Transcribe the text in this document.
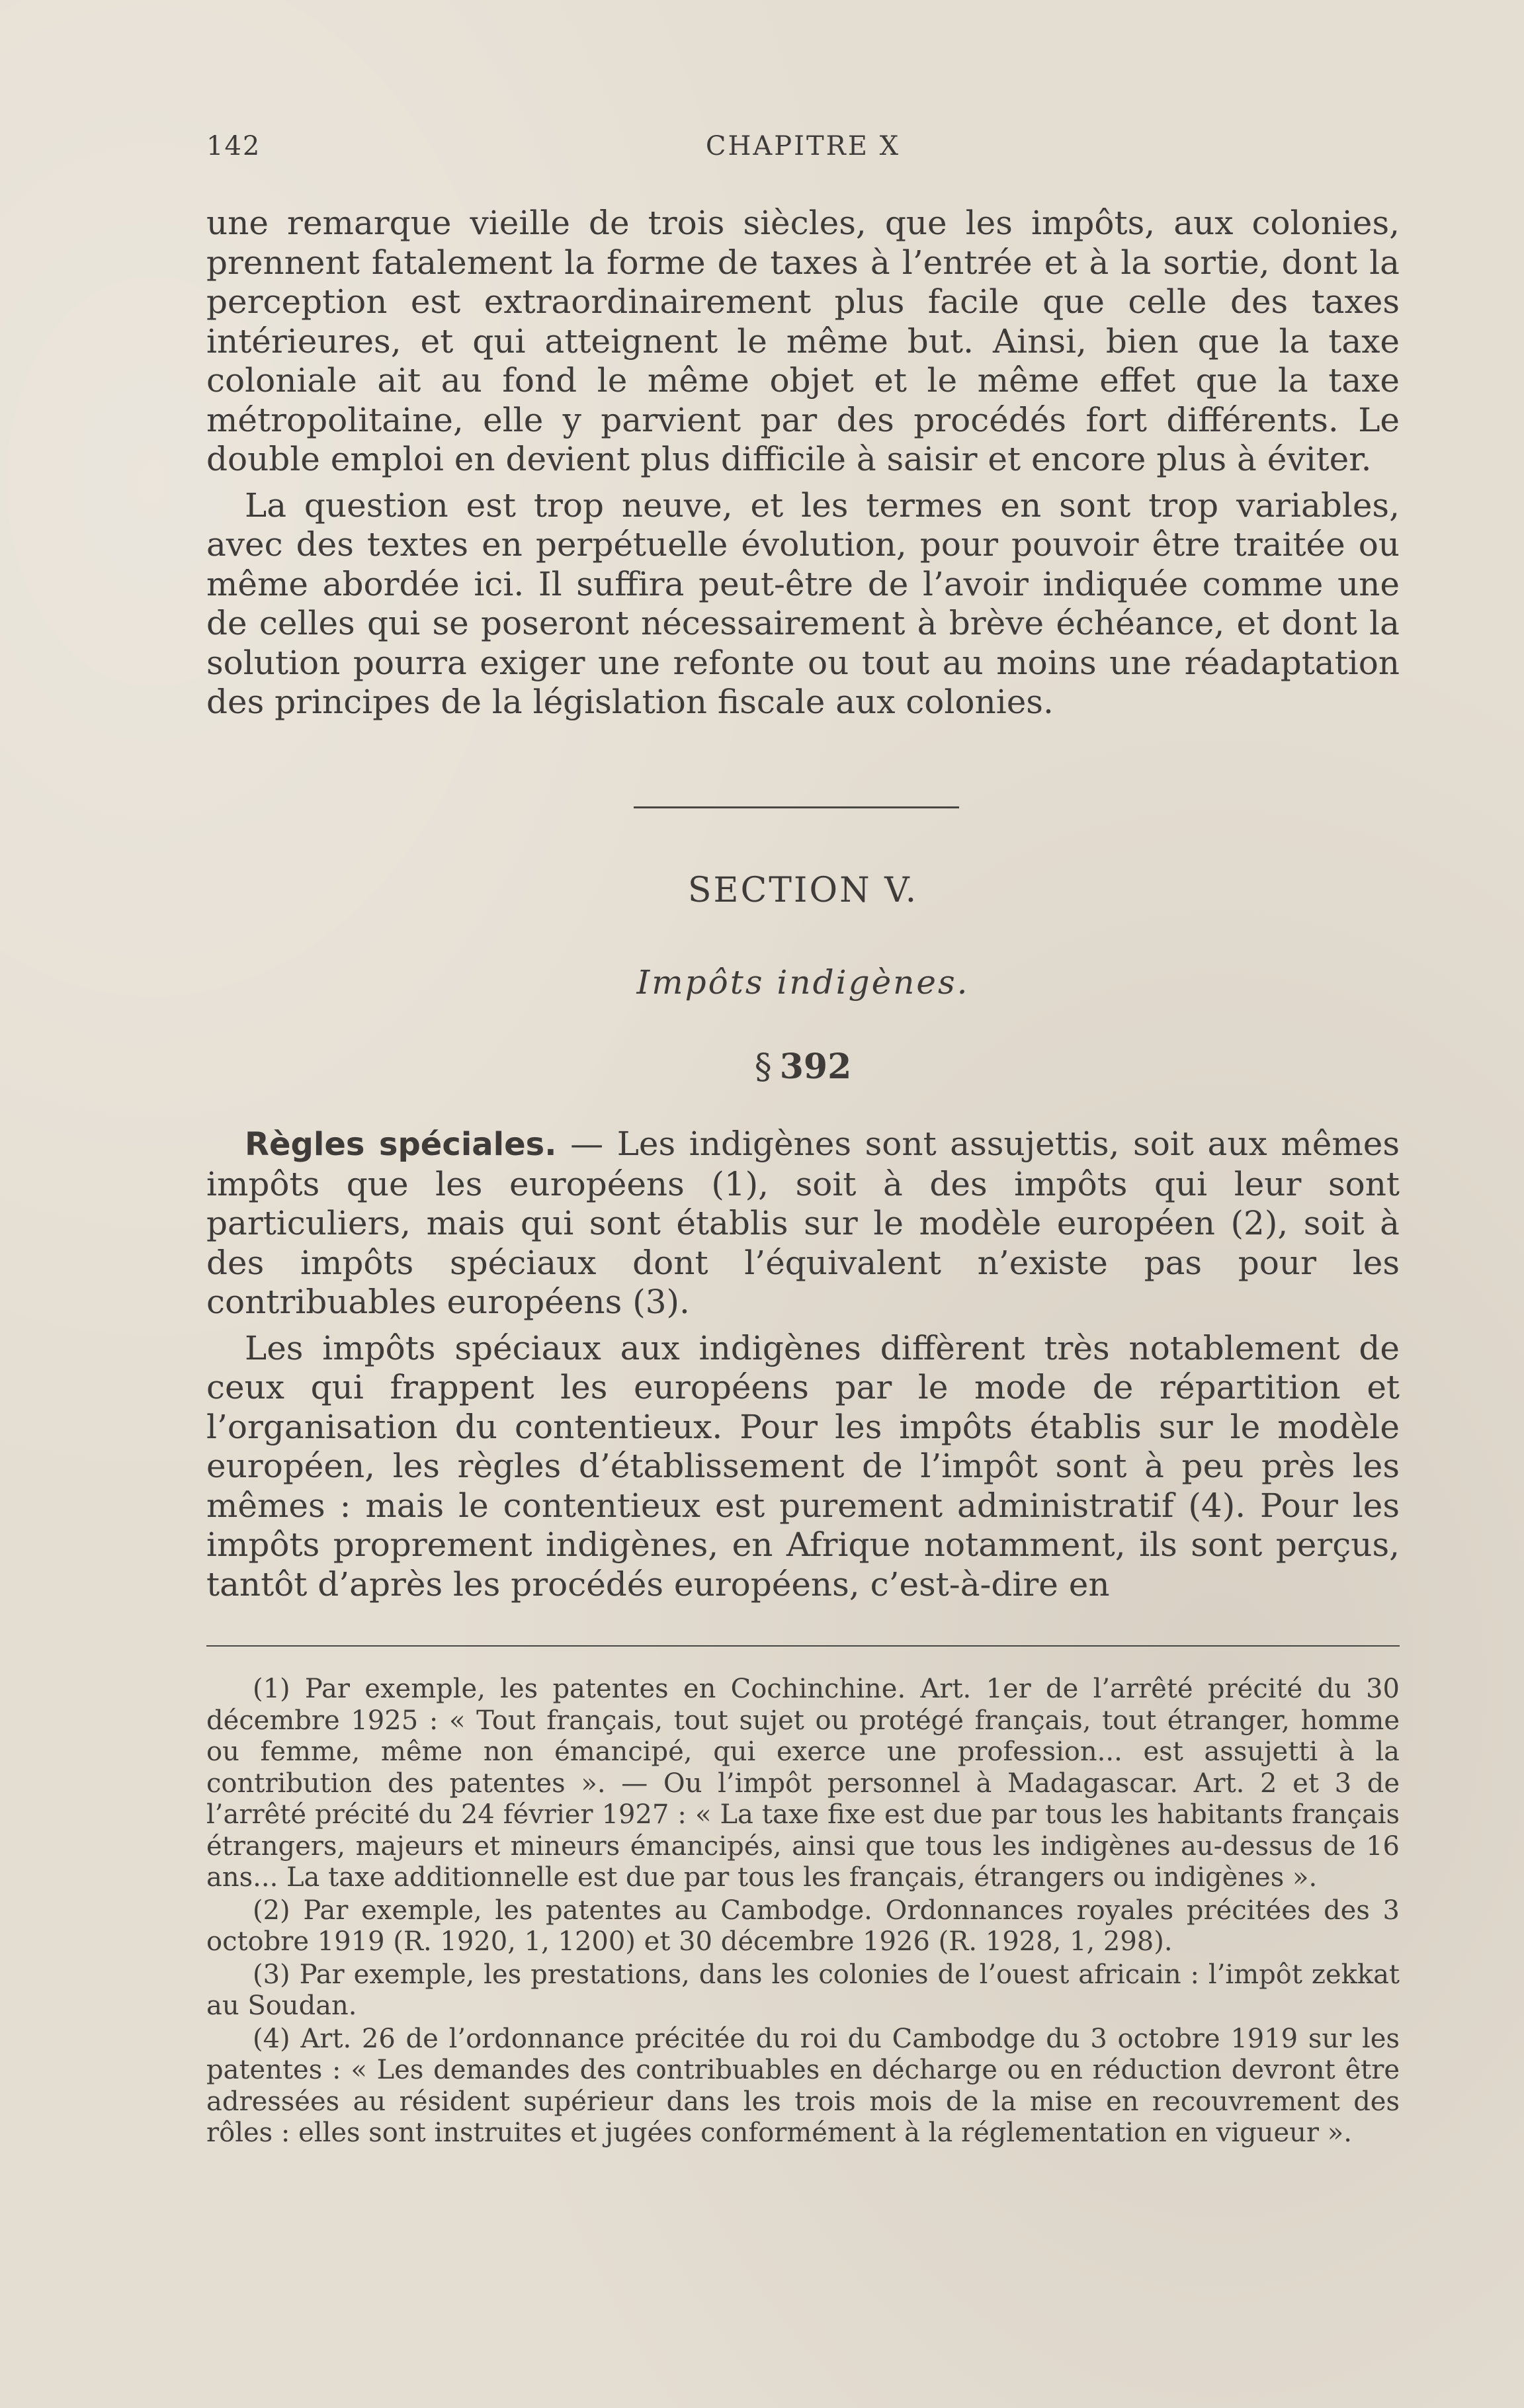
142	CHAPITRE X

une remarque vieille de trois siècles, que les impôts, aux colonies, prennent fatalement la forme de taxes à l’entrée et à la sortie, dont la perception est extraordinairement plus facile que celle des taxes intérieures, et qui atteignent le même but. Ainsi, bien que la taxe coloniale ait au fond le même objet et le même effet que la taxe métropolitaine, elle y parvient par des procédés fort différents. Le double emploi en devient plus difficile à saisir et encore plus à éviter.

La question est trop neuve, et les termes en sont trop variables, avec des textes en perpétuelle évolution, pour pouvoir être traitée ou même abordée ici. Il suffira peut-être de l’avoir indiquée comme une de celles qui se poseront nécessairement à brève échéance, et dont la solution pourra exiger une refonte ou tout au moins une réadaptation des principes de la législation fiscale aux colonies.

SECTION V.
Impôts indigènes.
§ 392

Règles spéciales. — Les indigènes sont assujettis, soit aux mêmes impôts que les européens (1), soit à des impôts qui leur sont particuliers, mais qui sont établis sur le modèle européen (2), soit à des impôts spéciaux dont l’équivalent n’existe pas pour les contribuables européens (3).

Les impôts spéciaux aux indigènes diffèrent très notablement de ceux qui frappent les européens par le mode de répartition et l’organisation du contentieux. Pour les impôts établis sur le modèle européen, les règles d’établissement de l’impôt sont à peu près les mêmes : mais le contentieux est purement administratif (4). Pour les impôts proprement indigènes, en Afrique notamment, ils sont perçus, tantôt d’après les procédés européens, c’est-à-dire en

(1) Par exemple, les patentes en Cochinchine. Art. 1er de l’arrêté précité du 30 décembre 1925 : « Tout français, tout sujet ou protégé français, tout étranger, homme ou femme, même non émancipé, qui exerce une profession... est assujetti à la contribution des patentes ». — Ou l’impôt personnel à Madagascar. Art. 2 et 3 de l’arrêté précité du 24 février 1927 : « La taxe fixe est due par tous les habitants français étrangers, majeurs et mineurs émancipés, ainsi que tous les indigènes au-dessus de 16 ans... La taxe additionnelle est due par tous les français, étrangers ou indigènes ».

(2) Par exemple, les patentes au Cambodge. Ordonnances royales précitées des 3 octobre 1919 (R. 1920, 1, 1200) et 30 décembre 1926 (R. 1928, 1, 298).

(3) Par exemple, les prestations, dans les colonies de l’ouest africain : l’impôt zekkat au Soudan.

(4) Art. 26 de l’ordonnance précitée du roi du Cambodge du 3 octobre 1919 sur les patentes : « Les demandes des contribuables en décharge ou en réduction devront être adressées au résident supérieur dans les trois mois de la mise en recouvrement des rôles : elles sont instruites et jugées conformément à la réglementation en vigueur ».
